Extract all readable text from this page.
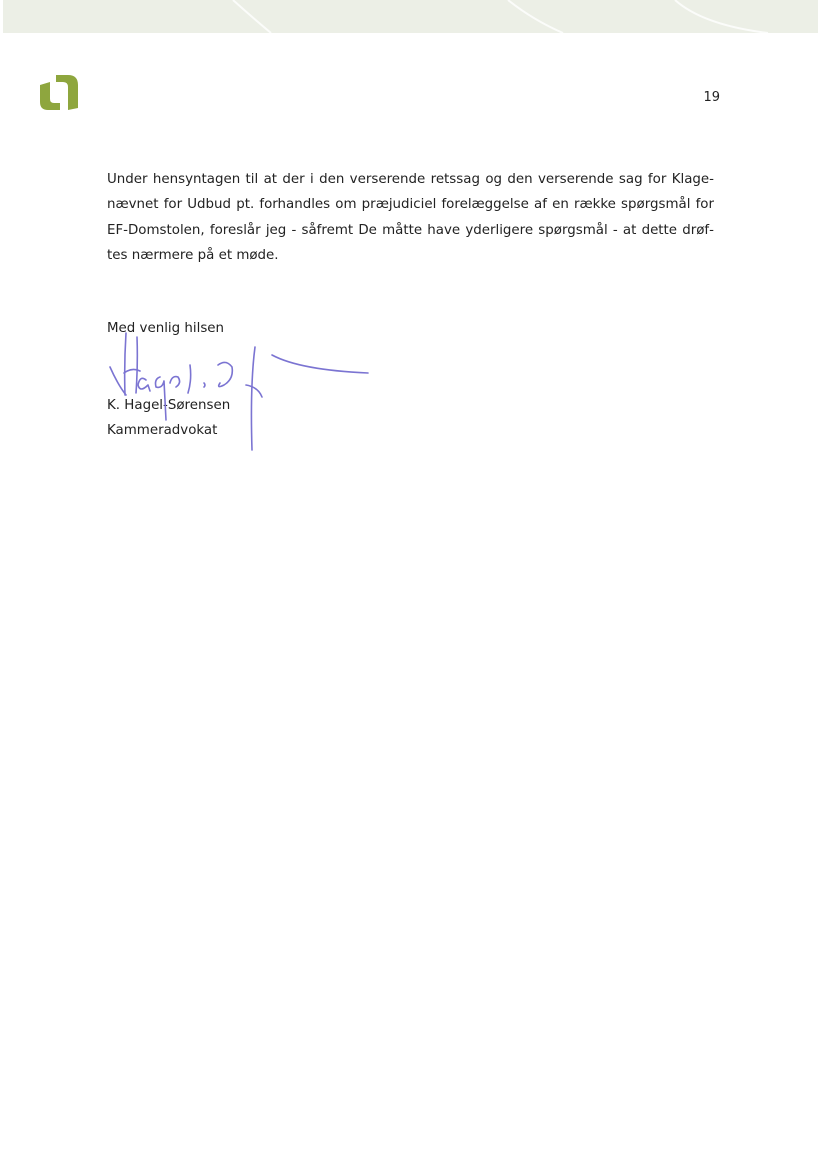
19

Under hensyntagen til at der i den verserende retssag og den verserende sag for Klagenævnet for Udbud pt. forhandles om præjudiciel forelæggelse af en række spørgsmål for EF-Domstolen, foreslår jeg - såfremt De måtte have yderligere spørgsmål - at dette drøftes nærmere på et møde.

Med venlig hilsen
K. Hagel-Sørensen
Kammeradvokat
